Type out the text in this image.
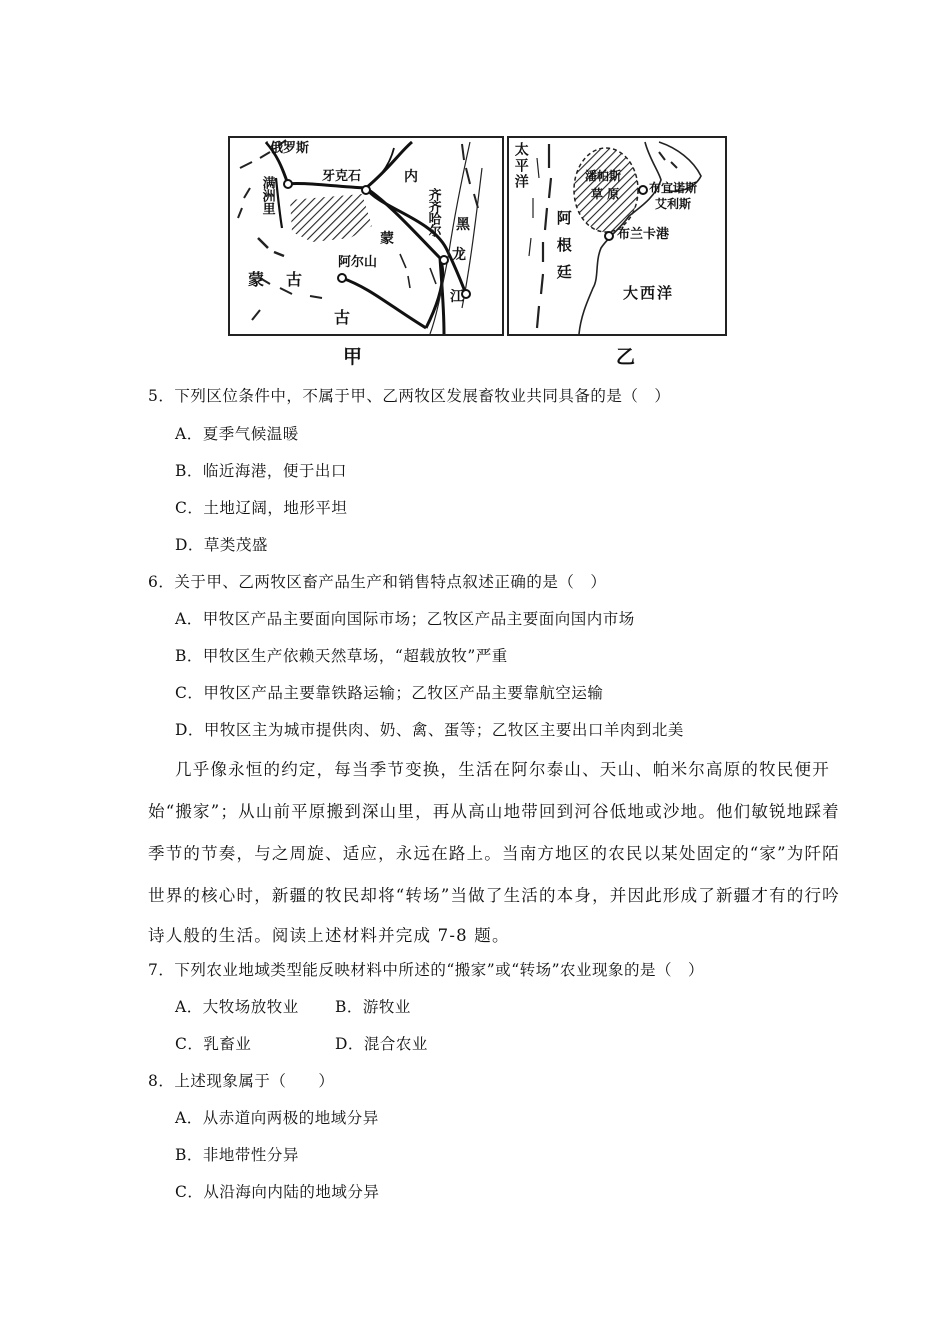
俄罗斯
满洲里	牙克石	内
蒙
齐齐哈尔 黑
龙
江
阿尔山
蒙 古
古
甲
太平洋	潘帕斯
草 原 布宜诺斯
艾利斯
布兰卡港
阿根廷
大西洋
乙
5．下列区位条件中，不属于甲、乙两牧区发展畜牧业共同具备的是（　）
A．夏季气候温暖
B．临近海港，便于出口
C．土地辽阔，地形平坦
D．草类茂盛
6．关于甲、乙两牧区畜产品生产和销售特点叙述正确的是（　）
A．甲牧区产品主要面向国际市场；乙牧区产品主要面向国内市场
B．甲牧区生产依赖天然草场，“超载放牧”严重
C．甲牧区产品主要靠铁路运输；乙牧区产品主要靠航空运输
D．甲牧区主为城市提供肉、奶、禽、蛋等；乙牧区主要出口羊肉到北美
几乎像永恒的约定，每当季节变换，生活在阿尔泰山、天山、帕米尔高原的牧民便开
始“搬家”；从山前平原搬到深山里，再从高山地带回到河谷低地或沙地。他们敏锐地踩着
季节的节奏，与之周旋、适应，永远在路上。当南方地区的农民以某处固定的“家”为阡陌
世界的核心时，新疆的牧民却将“转场”当做了生活的本身，并因此形成了新疆才有的行吟
诗人般的生活。阅读上述材料并完成 7-8 题。
7．下列农业地域类型能反映材料中所述的“搬家”或“转场”农业现象的是（　）
A．大牧场放牧业 B．游牧业
C．乳畜业	D．混合农业
8．上述现象属于（　　）
A．从赤道向两极的地域分异
B．非地带性分异
C．从沿海向内陆的地域分异
